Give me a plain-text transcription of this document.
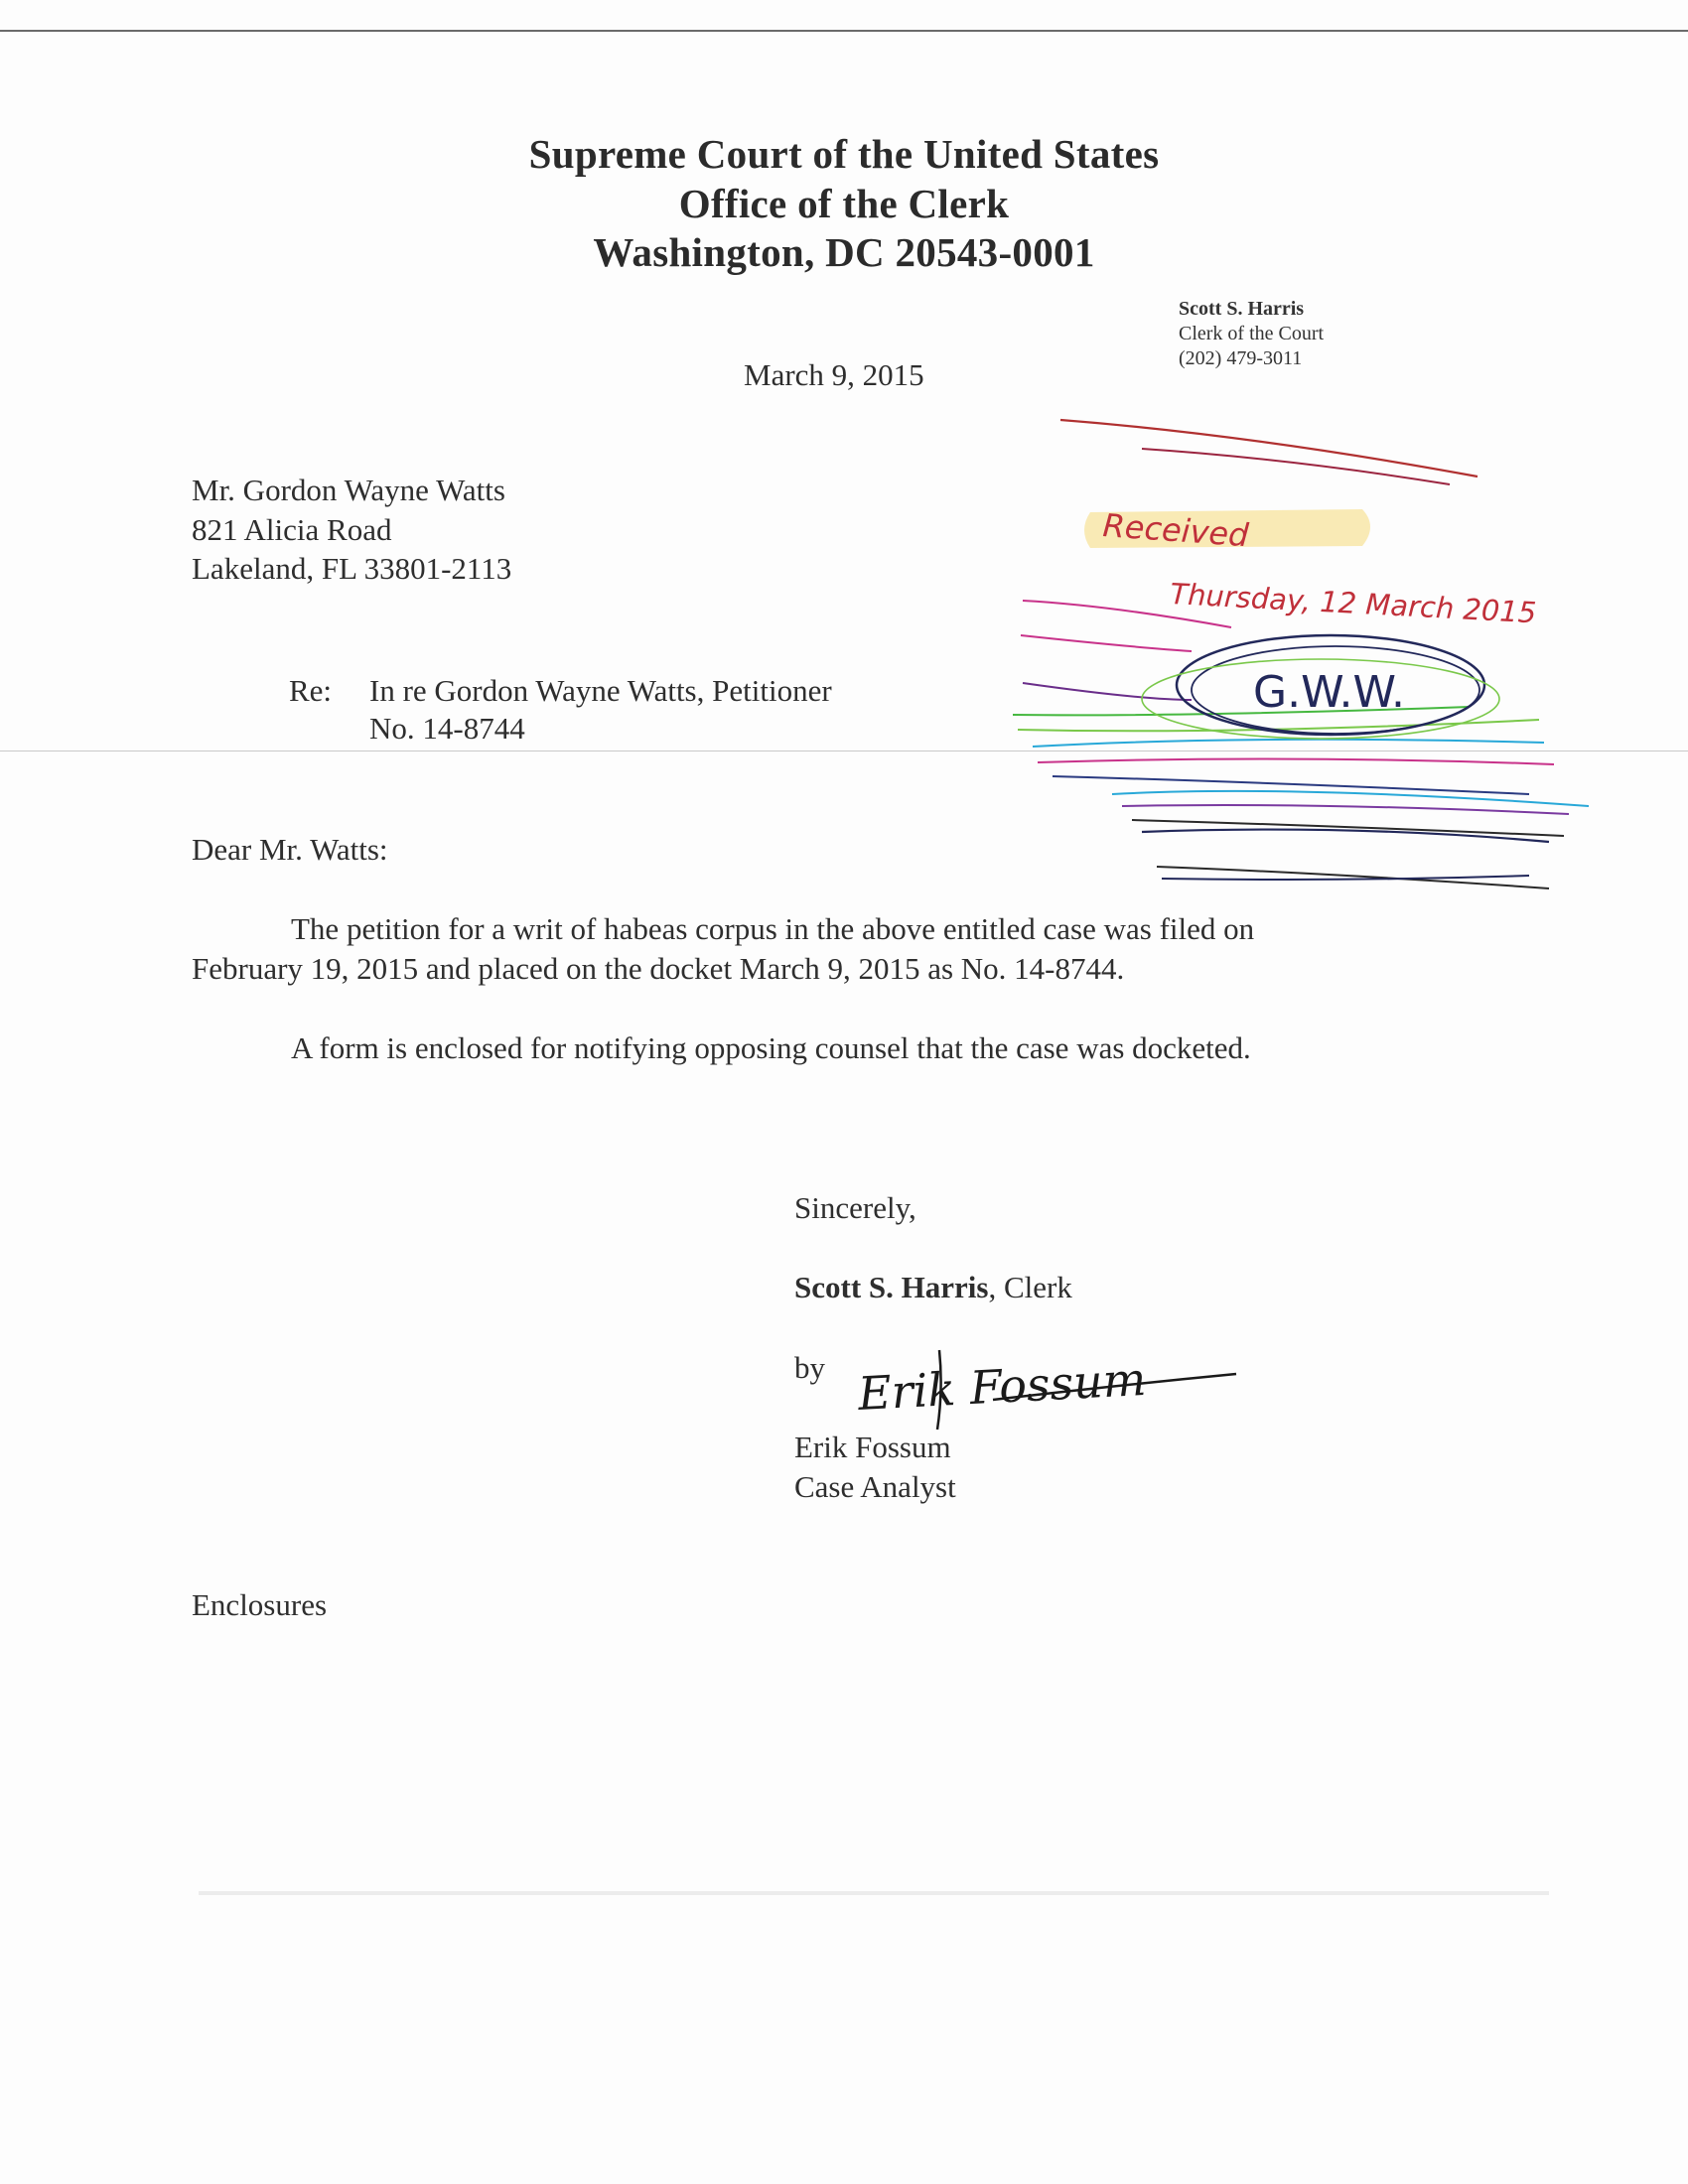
Supreme Court of the United States
Office of the Clerk
Washington, DC 20543-0001
Scott S. Harris
Clerk of the Court
(202) 479-3011
March 9, 2015
Mr. Gordon Wayne Watts
821 Alicia Road
Lakeland, FL 33801-2113
Re: In re Gordon Wayne Watts, Petitioner
No. 14-8744
Dear Mr. Watts:
The petition for a writ of habeas corpus in the above entitled case was filed on
February 19, 2015 and placed on the docket March 9, 2015 as No. 14-8744.
A form is enclosed for notifying opposing counsel that the case was docketed.
Sincerely,
Scott S. Harris, Clerk
by
Erik Fossum
Case Analyst
Enclosures
Received
Thursday, 12 March 2015
G.W.W.
Erik Fossum
